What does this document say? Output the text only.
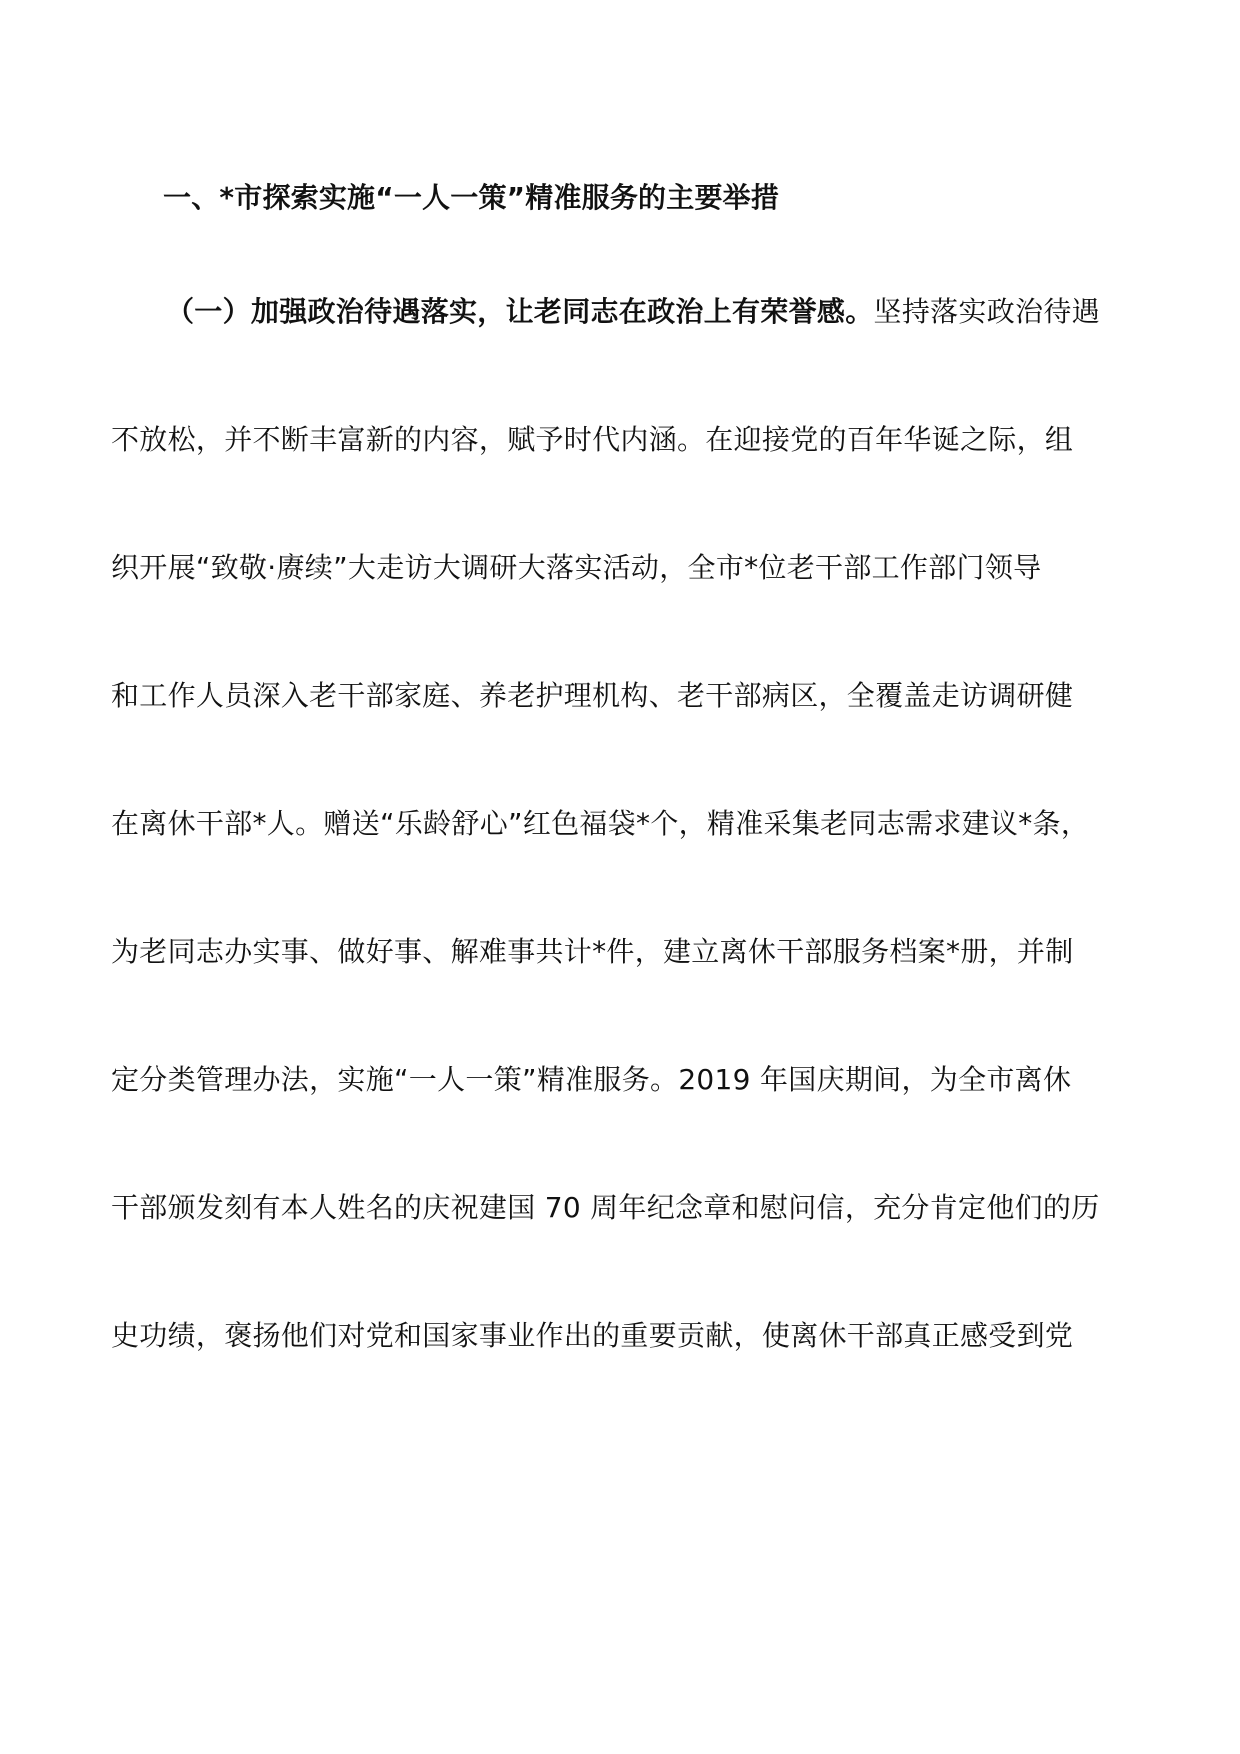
一、*市探索实施“一人一策”精准服务的主要举措
（一）加强政治待遇落实，让老同志在政治上有荣誉感。坚持落实政治待遇
不放松，并不断丰富新的内容，赋予时代内涵。在迎接党的百年华诞之际，组
织开展“致敬·赓续”大走访大调研大落实活动，全市*位老干部工作部门领导
和工作人员深入老干部家庭、养老护理机构、老干部病区，全覆盖走访调研健
在离休干部*人。赠送“乐龄舒心”红色福袋*个，精准采集老同志需求建议*条，
为老同志办实事、做好事、解难事共计*件，建立离休干部服务档案*册，并制
定分类管理办法，实施“一人一策”精准服务。2019 年国庆期间，为全市离休
干部颁发刻有本人姓名的庆祝建国 70 周年纪念章和慰问信，充分肯定他们的历
史功绩，褒扬他们对党和国家事业作出的重要贡献，使离休干部真正感受到党
